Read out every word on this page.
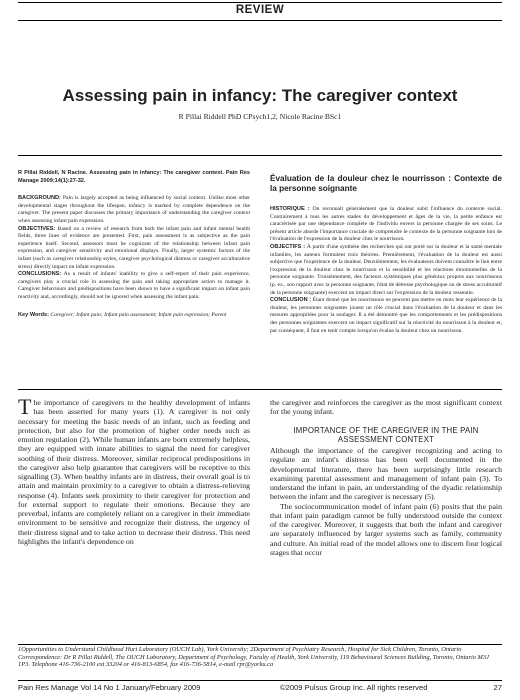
REVIEW
Assessing pain in infancy: The caregiver context
R Pillai Riddell PhD CPsych1,2, Nicole Racine BSc1

R Pillai Riddell, N Racine. Assessing pain in infancy: The caregiver context. Pain Res Manage 2009;14(1):27-32.

BACKGROUND: Pain is largely accepted as being influenced by social context. Unlike most other developmental stages throughout the lifespan, infancy is marked by complete dependence on the caregiver. The present paper discusses the primary importance of understanding the caregiver context when assessing infant pain expression.

OBJECTIVES: Based on a review of research from both the infant pain and infant mental health fields, three lines of evidence are presented. First, pain assessment is as subjective as the pain experience itself. Second, assessors must be cognizant of the relationship between infant pain expression, and caregiver sensitivity and emotional displays. Finally, larger systemic factors of the infant (such as caregiver relationship styles, caregiver psychological distress or caregiver acculturative stress) directly impact on infant expression.

CONCLUSIONS: As a result of infants' inability to give a self-report of their pain experience, caregivers play a crucial role in assessing the pain and taking appropriate action to manage it. Caregiver behaviours and predispositions have been shown to have a significant impact on infant pain reactivity and, accordingly, should not be ignored when assessing the infant pain.

Key Words: Caregiver; Infant pain; Infant pain assessment; Infant pain expression; Parent

Évaluation de la douleur chez le nourrisson : Contexte de la personne soignante

HISTORIQUE : On reconnaît généralement que la douleur subit l'influence du contexte social. Contrairement à tous les autres stades du développement et âges de la vie, la petite enfance est caractérisée par une dépendance complète de l'individu envers la personne chargée de ses soins. Le présent article aborde l'importance cruciale de comprendre le contexte de la personne soignante lors de l'évaluation de l'expression de la douleur chez le nourrisson.

OBJECTIFS : À partir d'une synthèse des recherches qui ont porté sur la douleur et la santé mentale infantiles, les auteurs formulent trois théories. Premièrement, l'évaluation de la douleur est aussi subjective que l'expérience de la douleur. Deuxièmement, les évaluateurs doivent connaître le lien entre l'expression de la douleur chez le nourrisson et la sensibilité et les réactions émotionnelles de la personne soignante. Troisièmement, des facteurs systémiques plus généraux propres aux nourrissons (p. ex., son rapport avec la personne soignante, l'état de détresse psychologique ou de stress acculturatif de la personne soignante) exercent un impact direct sur l'expression de la douleur ressentie.

CONCLUSION : Étant donné que les nourrissons ne peuvent pas mettre en mots leur expérience de la douleur, les personnes soignantes jouent un rôle crucial dans l'évaluation de la douleur et dans les mesures appropriées pour la soulager. Il a été démontré que les comportements et les prédispositions des personnes soignantes exercent un impact significatif sur la réactivité du nourrisson à la douleur et, par conséquent, il faut en tenir compte lorsqu'on évalue la douleur chez un nourrisson.

The importance of caregivers to the healthy development of infants has been asserted for many years (1). A caregiver is not only necessary for meeting the basic needs of an infant, such as feeding and protection, but also for the promotion of higher order needs such as emotion regulation (2). While human infants are born extremely helpless, they are equipped with innate abilities to signal the need for caregiver soothing of their distress. Moreover, similar reciprocal predispositions in the caregiver also help guarantee that caregivers will be receptive to this signalling (3). When healthy infants are in distress, their overall goal is to attain and maintain proximity to a caregiver to obtain a distress-relieving response (4). Infants seek proximity to their caregiver for protection and for external support to regulate their emotions. Because they are preverbal, infants are completely reliant on a caregiver in their immediate environment to be sensitive and recognize their distress, the urgency of their distress signal and to take action to decrease their distress. This need highlights the infant's dependence on

the caregiver and reinforces the caregiver as the most significant context for the young infant.

IMPORTANCE OF THE CAREGIVER IN THE PAIN ASSESSMENT CONTEXT

Although the importance of the caregiver recognizing and acting to regulate an infant's distress has been well documented in the developmental literature, there has been surprisingly little research examining parental assessment and management of infant pain (3). To understand the infant in pain, an understanding of the dyadic relationship between the infant and the caregiver is necessary (5).

The sociocommunication model of infant pain (6) posits that the pain that infant pain paradigm cannot be fully understood outside the context of the caregiver. Moreover, it suggests that both the infant and caregiver are separately influenced by larger systems such as family, community and culture. An initial read of the model allows one to discern four logical stages that occur

1Opportunities to Understand Childhood Hurt Laboratory (OUCH Lab), York University; 2Department of Psychiatry Research, Hospital for Sick Children, Toronto, Ontario

Correspondence: Dr R Pillai Riddell, The OUCH Laboratory, Department of Psychology, Faculty of Health, York University, 119 Behavioural Sciences Building, Toronto, Ontario M3J 1P3. Telephone 416-736-2100 ext 33204 or 416-813-6854, fax 416-736-5814, e-mail rpr@yorku.ca

Pain Res Manage Vol 14 No 1 January/February 2009	©2009 Pulsus Group Inc. All rights reserved	27
